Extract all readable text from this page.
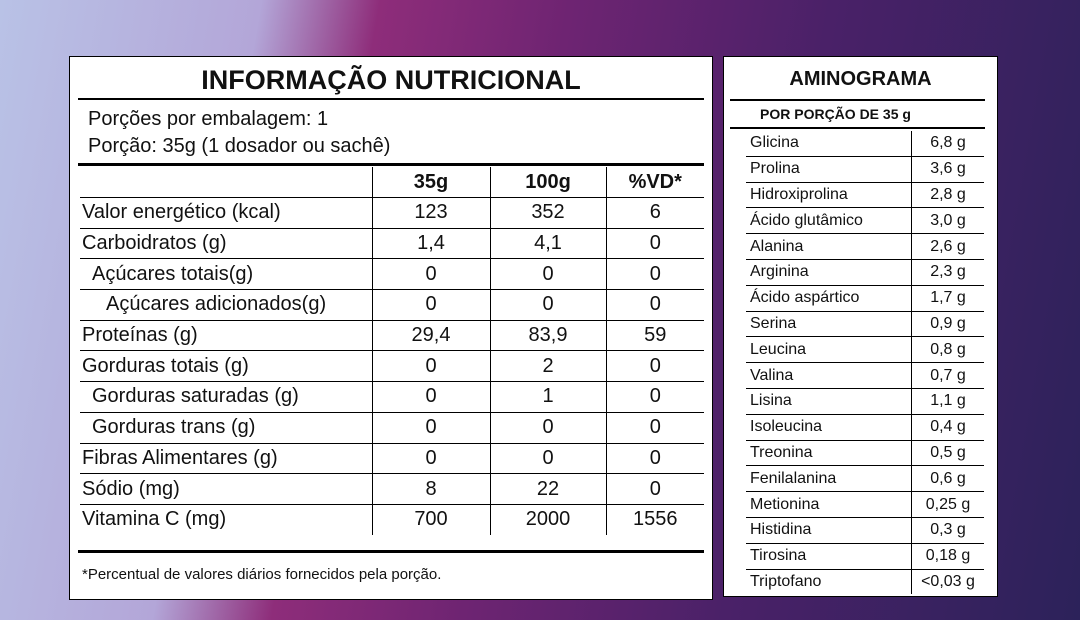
INFORMAÇÃO NUTRICIONAL
Porções por embalagem: 1
Porção: 35g (1 dosador ou sachê)
	35g	100g	%VD*
Valor energético (kcal)	123	352	6
Carboidratos (g)	1,4	4,1	0
Açúcares totais(g)	0	0	0
Açúcares adicionados(g)	0	0	0
Proteínas (g)	29,4	83,9	59
Gorduras totais (g)	0	2	0
Gorduras saturadas (g)	0	1	0
Gorduras trans (g)	0	0	0
Fibras Alimentares (g)	0	0	0
Sódio (mg)	8	22	0
Vitamina C (mg)	700	2000	1556
*Percentual de valores diários fornecidos pela porção.
AMINOGRAMA
POR PORÇÃO DE 35 g
Glicina	6,8 g
Prolina	3,6 g
Hidroxiprolina	2,8 g
Ácido glutâmico	3,0 g
Alanina	2,6 g
Arginina	2,3 g
Ácido aspártico	1,7 g
Serina	0,9 g
Leucina	0,8 g
Valina	0,7 g
Lisina	1,1 g
Isoleucina	0,4 g
Treonina	0,5 g
Fenilalanina	0,6 g
Metionina	0,25 g
Histidina	0,3 g
Tirosina	0,18 g
Triptofano	<0,03 g
